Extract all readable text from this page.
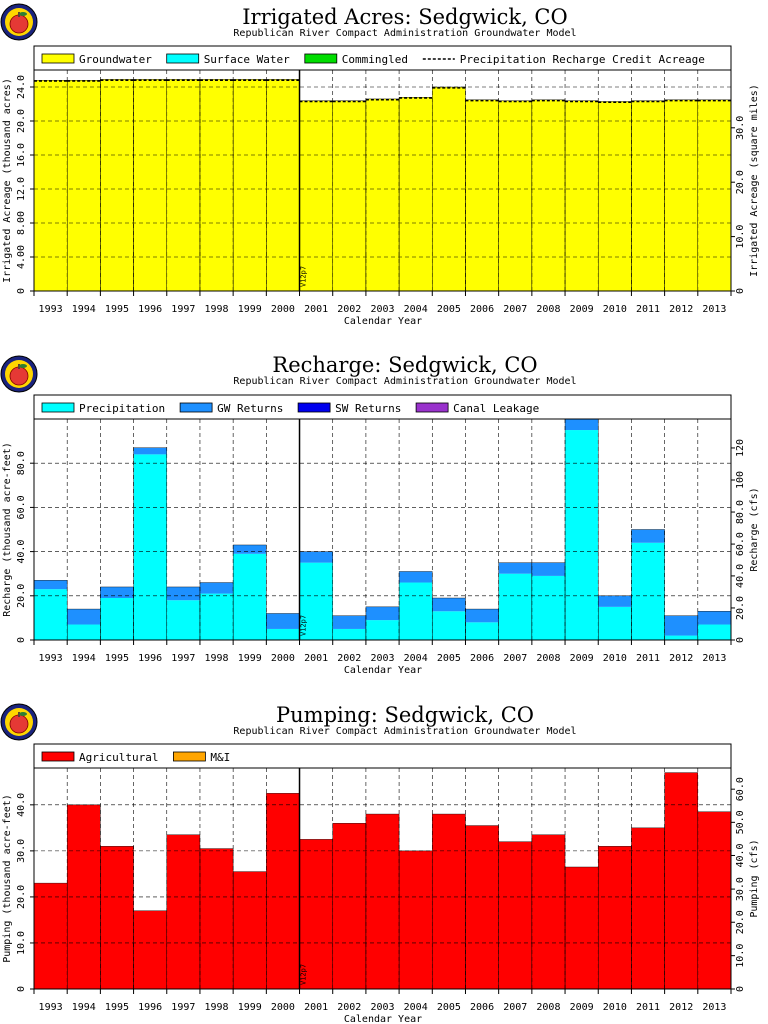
Irrigated Acres: Sedgwick, CO
Republican River Compact Administration Groundwater Model
Groundwater	Surface Water	Commingled	Precipitation Recharge Credit Acreage
V12p7
0
4.00
8.00
12.0
16.0
20.0
24.0
Irrigated Acreage (thousand acres)
0
10.0
20.0
30.0 Irrigated Acreage (square miles)
1993 1994 1995 1996 1997 1998 1999 2000 2001 2002 2003 2004 2005 2006 2007 2008 2009 2010 2011 2012 2013
Calendar Year
Recharge: Sedgwick, CO
Republican River Compact Administration Groundwater Model
Precipitation	GW Returns	SW Returns	Canal Leakage
V12p7
0
20.0
40.0
60.0
80.0
Recharge (thousand acre-feet)
0
20.0
40.0
60.0
80.0
100
120
Recharge (cfs)
1993 1994 1995 1996 1997 1998 1999 2000 2001 2002 2003 2004 2005 2006 2007 2008 2009 2010 2011 2012 2013
Calendar Year
Pumping: Sedgwick, CO
Republican River Compact Administration Groundwater Model
Agricultural	M&I
V12p7
0
10.0
20.0
30.0
40.0
Pumping (thousand acre-feet)
0
10.0
20.0
30.0
40.0
50.0
60.0
Pumping (cfs)
1993 1994 1995 1996 1997 1998 1999 2000 2001 2002 2003 2004 2005 2006 2007 2008 2009 2010 2011 2012 2013
Calendar Year
